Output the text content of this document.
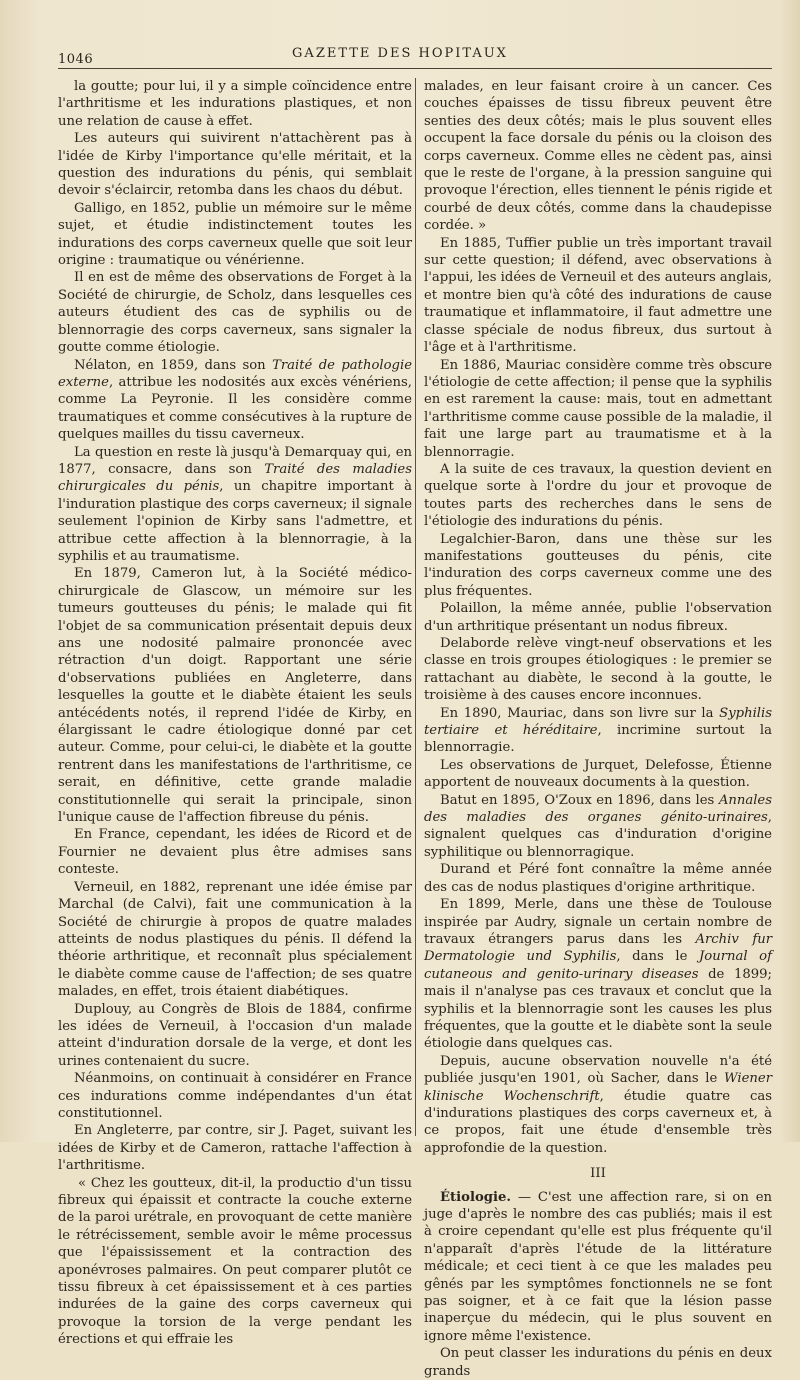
1046	GAZETTE DES HOPITAUX

la goutte; pour lui, il y a simple coïncidence entre l'arthritisme et les indurations plastiques, et non une relation de cause à effet.

Les auteurs qui suivirent n'attachèrent pas à l'idée de Kirby l'importance qu'elle méritait, et la question des indurations du pénis, qui semblait devoir s'éclaircir, retomba dans les chaos du début.

Galligo, en 1852, publie un mémoire sur le même sujet, et étudie indistinctement toutes les indurations des corps caverneux quelle que soit leur origine : traumatique ou vénérienne.

Il en est de même des observations de Forget à la Société de chirurgie, de Scholz, dans lesquelles ces auteurs étudient des cas de syphilis ou de blennorragie des corps caverneux, sans signaler la goutte comme étiologie.

Nélaton, en 1859, dans son Traité de pathologie externe, attribue les nodosités aux excès vénériens, comme La Peyronie. Il les considère comme traumatiques et comme consécutives à la rupture de quelques mailles du tissu caverneux.

La question en reste là jusqu'à Demarquay qui, en 1877, consacre, dans son Traité des maladies chirurgicales du pénis, un chapitre important à l'induration plastique des corps caverneux; il signale seulement l'opinion de Kirby sans l'admettre, et attribue cette affection à la blennorragie, à la syphilis et au traumatisme.

En 1879, Cameron lut, à la Société médico-chirurgicale de Glascow, un mémoire sur les tumeurs goutteuses du pénis; le malade qui fit l'objet de sa communication présentait depuis deux ans une nodosité palmaire prononcée avec rétraction d'un doigt. Rapportant une série d'observations publiées en Angleterre, dans lesquelles la goutte et le diabète étaient les seuls antécédents notés, il reprend l'idée de Kirby, en élargissant le cadre étiologique donné par cet auteur. Comme, pour celui-ci, le diabète et la goutte rentrent dans les manifestations de l'arthritisme, ce serait, en définitive, cette grande maladie constitutionnelle qui serait la principale, sinon l'unique cause de l'affection fibreuse du pénis.

En France, cependant, les idées de Ricord et de Fournier ne devaient plus être admises sans conteste.

Verneuil, en 1882, reprenant une idée émise par Marchal (de Calvi), fait une communication à la Société de chirurgie à propos de quatre malades atteints de nodus plastiques du pénis. Il défend la théorie arthritique, et reconnaît plus spécialement le diabète comme cause de l'affection; de ses quatre malades, en effet, trois étaient diabétiques.

Duplouy, au Congrès de Blois de 1884, confirme les idées de Verneuil, à l'occasion d'un malade atteint d'induration dorsale de la verge, et dont les urines contenaient du sucre.

Néanmoins, on continuait à considérer en France ces indurations comme indépendantes d'un état constitutionnel.

En Angleterre, par contre, sir J. Paget, suivant les idées de Kirby et de Cameron, rattache l'affection à l'arthritisme.

« Chez les goutteux, dit-il, la productio d'un tissu fibreux qui épaissit et contracte la couche externe de la paroi urétrale, en provoquant de cette manière le rétrécissement, semble avoir le même processus que l'épaississement et la contraction des aponévroses palmaires. On peut comparer plutôt ce tissu fibreux à cet épaississement et à ces parties indurées de la gaine des corps caverneux qui provoque la torsion de la verge pendant les érections et qui effraie les

malades, en leur faisant croire à un cancer. Ces couches épaisses de tissu fibreux peuvent être senties des deux côtés; mais le plus souvent elles occupent la face dorsale du pénis ou la cloison des corps caverneux. Comme elles ne cèdent pas, ainsi que le reste de l'organe, à la pression sanguine qui provoque l'érection, elles tiennent le pénis rigide et courbé de deux côtés, comme dans la chaudepisse cordée. »

En 1885, Tuffier publie un très important travail sur cette question; il défend, avec observations à l'appui, les idées de Verneuil et des auteurs anglais, et montre bien qu'à côté des indurations de cause traumatique et inflammatoire, il faut admettre une classe spéciale de nodus fibreux, dus surtout à l'âge et à l'arthritisme.

En 1886, Mauriac considère comme très obscure l'étiologie de cette affection; il pense que la syphilis en est rarement la cause: mais, tout en admettant l'arthritisme comme cause possible de la maladie, il fait une large part au traumatisme et à la blennorragie.

A la suite de ces travaux, la question devient en quelque sorte à l'ordre du jour et provoque de toutes parts des recherches dans le sens de l'étiologie des indurations du pénis.

Legalchier-Baron, dans une thèse sur les manifestations goutteuses du pénis, cite l'induration des corps caverneux comme une des plus fréquentes.

Polaillon, la même année, publie l'observation d'un arthritique présentant un nodus fibreux.

Delaborde relève vingt-neuf observations et les classe en trois groupes étiologiques : le premier se rattachant au diabète, le second à la goutte, le troisième à des causes encore inconnues.

En 1890, Mauriac, dans son livre sur la Syphilis tertiaire et héréditaire, incrimine surtout la blennorragie.

Les observations de Jurquet, Delefosse, Étienne apportent de nouveaux documents à la question.

Batut en 1895, O'Zoux en 1896, dans les Annales des maladies des organes génito-urinaires, signalent quelques cas d'induration d'origine syphilitique ou blennorragique.

Durand et Péré font connaître la même année des cas de nodus plastiques d'origine arthritique.

En 1899, Merle, dans une thèse de Toulouse inspirée par Audry, signale un certain nombre de travaux étrangers parus dans les Archiv fur Dermatologie und Syphilis, dans le Journal of cutaneous and genito-urinary diseases de 1899; mais il n'analyse pas ces travaux et conclut que la syphilis et la blennorragie sont les causes les plus fréquentes, que la goutte et le diabète sont la seule étiologie dans quelques cas.

Depuis, aucune observation nouvelle n'a été publiée jusqu'en 1901, où Sacher, dans le Wiener klinische Wochenschrift, étudie quatre cas d'indurations plastiques des corps caverneux et, à ce propos, fait une étude d'ensemble très approfondie de la question.

III

Étiologie. — C'est une affection rare, si on en juge d'après le nombre des cas publiés; mais il est à croire cependant qu'elle est plus fréquente qu'il n'apparaît d'après l'étude de la littérature médicale; et ceci tient à ce que les malades peu gênés par les symptômes fonctionnels ne se font pas soigner, et à ce fait que la lésion passe inaperçue du médecin, qui le plus souvent en ignore même l'existence.

On peut classer les indurations du pénis en deux grands
